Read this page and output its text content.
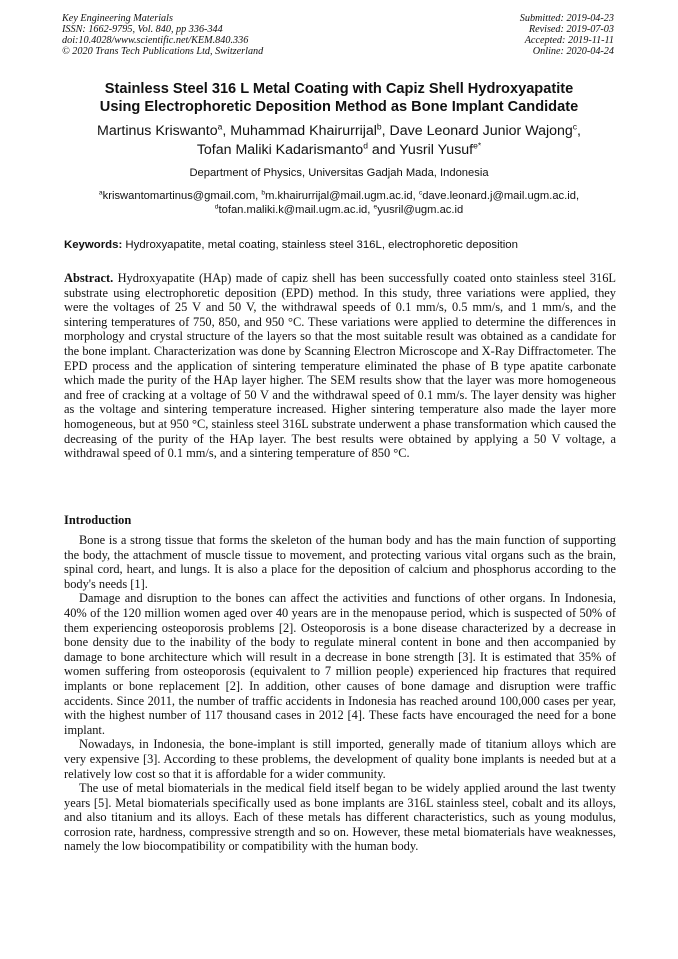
Key Engineering Materials
ISSN: 1662-9795, Vol. 840, pp 336-344
doi:10.4028/www.scientific.net/KEM.840.336
© 2020 Trans Tech Publications Ltd, Switzerland
Submitted: 2019-04-23
Revised: 2019-07-03
Accepted: 2019-11-11
Online: 2020-04-24
Stainless Steel 316 L Metal Coating with Capiz Shell Hydroxyapatite
Using Electrophoretic Deposition Method as Bone Implant Candidate
Martinus Kriswanto$^a$, Muhammad Khairurrijal$^b$, Dave Leonard Junior Wajong$^c$,
Tofan Maliki Kadarismanto$^d$ and Yusril Yusuf$^{e*}$
Department of Physics, Universitas Gadjah Mada, Indonesia
$^a$kriswantomartinus@gmail.com, $^b$m.khairurrijal@mail.ugm.ac.id, $^c$dave.leonard.j@mail.ugm.ac.id,
$^d$tofan.maliki.k@mail.ugm.ac.id, $^e$yusril@ugm.ac.id
Keywords: Hydroxyapatite, metal coating, stainless steel 316L, electrophoretic deposition

Abstract. Hydroxyapatite (HAp) made of capiz shell has been successfully coated onto stainless steel 316L substrate using electrophoretic deposition (EPD) method. In this study, three variations were applied, they were the voltages of 25 V and 50 V, the withdrawal speeds of 0.1 mm/s, 0.5 mm/s, and 1 mm/s, and the sintering temperatures of 750, 850, and 950 °C. These variations were applied to determine the differences in morphology and crystal structure of the layers so that the most suitable result was obtained as a candidate for the bone implant. Characterization was done by Scanning Electron Microscope and X-Ray Diffractometer. The EPD process and the application of sintering temperature eliminated the phase of B type apatite carbonate which made the purity of the HAp layer higher. The SEM results show that the layer was more homogeneous and free of cracking at a voltage of 50 V and the withdrawal speed of 0.1 mm/s. The layer density was higher as the voltage and sintering temperature increased. Higher sintering temperature also made the layer more homogeneous, but at 950 °C, stainless steel 316L substrate underwent a phase transformation which caused the decreasing of the purity of the HAp layer. The best results were obtained by applying a 50 V voltage, a withdrawal speed of 0.1 mm/s, and a sintering temperature of 850 °C.

Introduction

Bone is a strong tissue that forms the skeleton of the human body and has the main function of supporting the body, the attachment of muscle tissue to movement, and protecting various vital organs such as the brain, spinal cord, heart, and lungs. It is also a place for the deposition of calcium and phosphorus according to the body's needs [1].

Damage and disruption to the bones can affect the activities and functions of other organs. In Indonesia, 40% of the 120 million women aged over 40 years are in the menopause period, which is suspected of 50% of them experiencing osteoporosis problems [2]. Osteoporosis is a bone disease characterized by a decrease in bone density due to the inability of the body to regulate mineral content in bone and then accompanied by damage to bone architecture which will result in a decrease in bone strength [3]. It is estimated that 35% of women suffering from osteoporosis (equivalent to 7 million people) experienced hip fractures that required implants or bone replacement [2]. In addition, other causes of bone damage and disruption were traffic accidents. Since 2011, the number of traffic accidents in Indonesia has reached around 100,000 cases per year, with the highest number of 117 thousand cases in 2012 [4]. These facts have encouraged the need for a bone implant.

Nowadays, in Indonesia, the bone-implant is still imported, generally made of titanium alloys which are very expensive [3]. According to these problems, the development of quality bone implants is needed but at a relatively low cost so that it is affordable for a wider community.

The use of metal biomaterials in the medical field itself began to be widely applied around the last twenty years [5]. Metal biomaterials specifically used as bone implants are 316L stainless steel, cobalt and its alloys, and also titanium and its alloys. Each of these metals has different characteristics, such as young modulus, corrosion rate, hardness, compressive strength and so on. However, these metal biomaterials have weaknesses, namely the low biocompatibility or compatibility with the human body.
